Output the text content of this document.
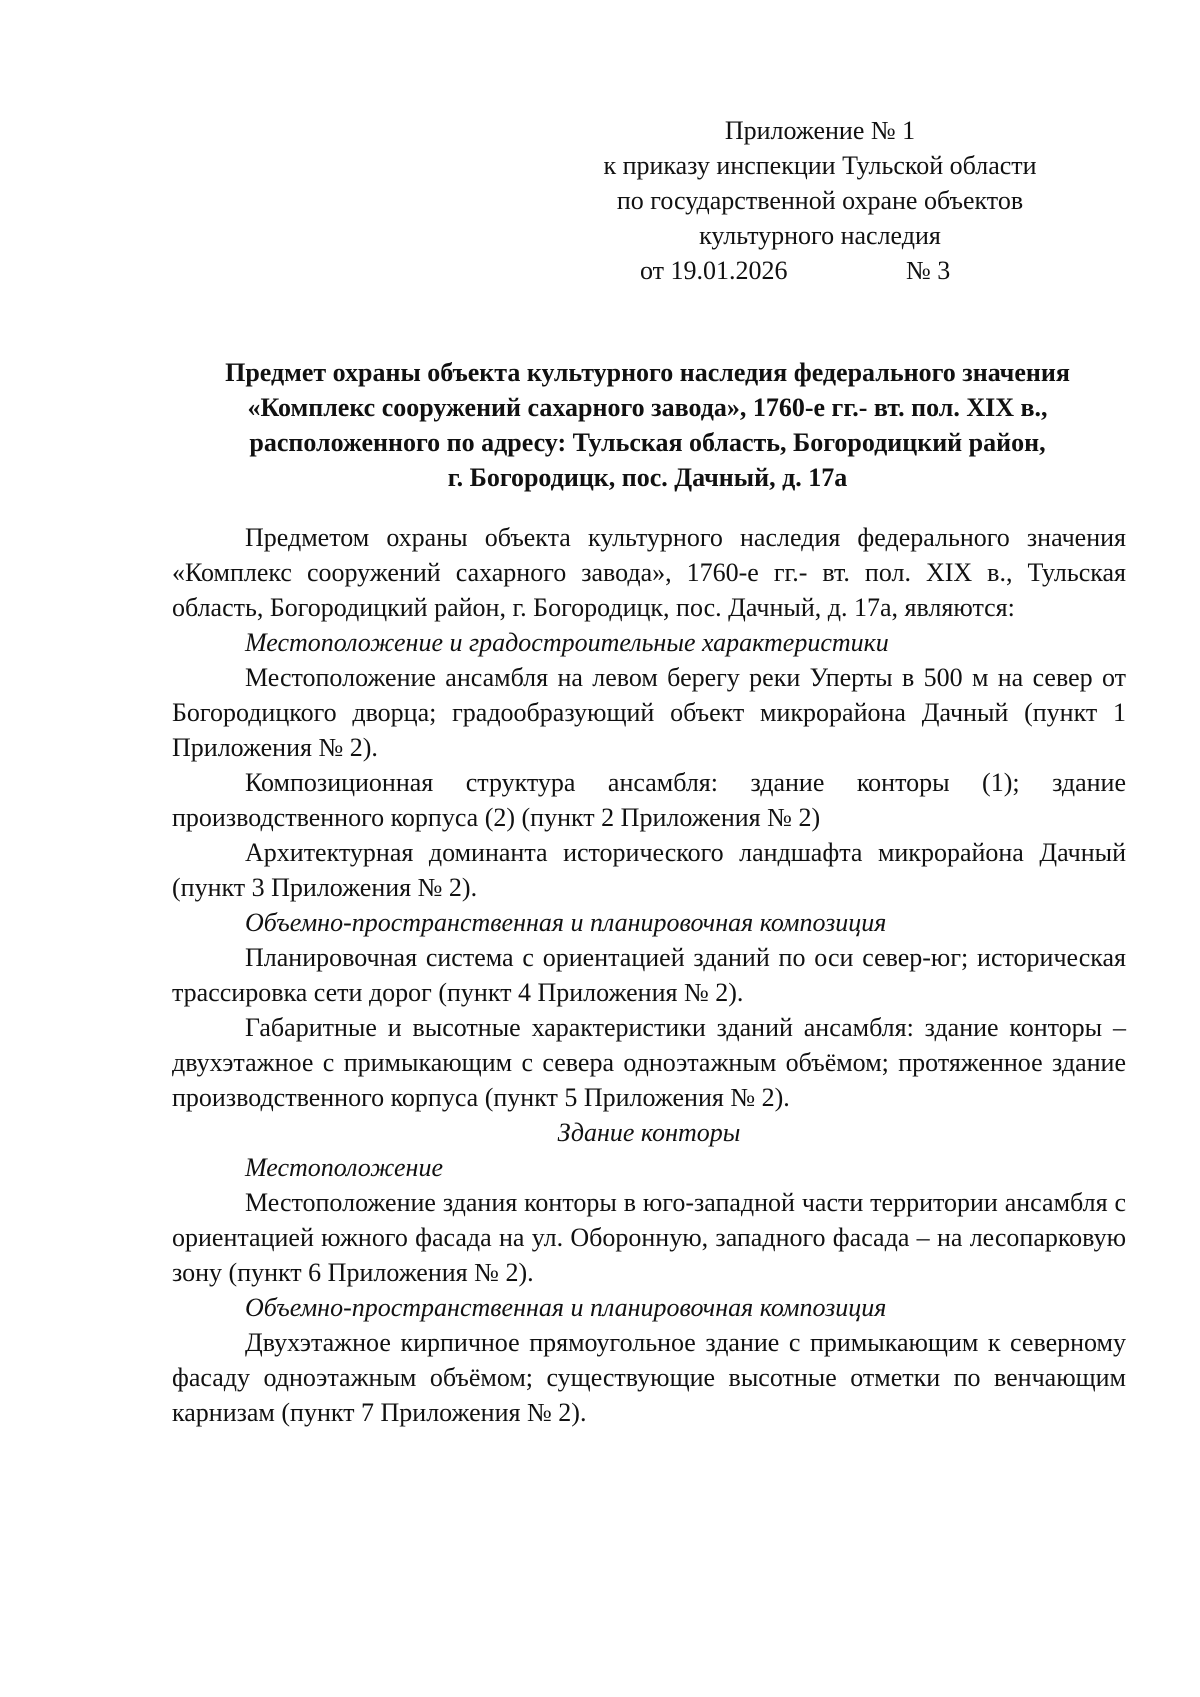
Приложение № 1
к приказу инспекции Тульской области
по государственной охране объектов
культурного наследия
от 19.01.2026	№ 3
Предмет охраны объекта культурного наследия федерального значения
«Комплекс сооружений сахарного завода», 1760-е гг.- вт. пол. XIX в.,
расположенного по адресу: Тульская область, Богородицкий район,
г. Богородицк, пос. Дачный, д. 17а

Предметом охраны объекта культурного наследия федерального значения «Комплекс сооружений сахарного завода», 1760-е гг.- вт. пол. XIX в., Тульская область, Богородицкий район, г. Богородицк, пос. Дачный, д. 17а, являются:

Местоположение и градостроительные характеристики

Местоположение ансамбля на левом берегу реки Уперты в 500 м на север от Богородицкого дворца; градообразующий объект микрорайона Дачный (пункт 1 Приложения № 2).

Композиционная структура ансамбля: здание конторы (1); здание производственного корпуса (2) (пункт 2 Приложения № 2)

Архитектурная доминанта исторического ландшафта микрорайона Дачный (пункт 3 Приложения № 2).

Объемно-пространственная и планировочная композиция

Планировочная система с ориентацией зданий по оси север-юг; историческая трассировка сети дорог (пункт 4 Приложения № 2).

Габаритные и высотные характеристики зданий ансамбля: здание конторы – двухэтажное с примыкающим с севера одноэтажным объёмом; протяженное здание производственного корпуса (пункт 5 Приложения № 2).

Здание конторы

Местоположение

Местоположение здания конторы в юго-западной части территории ансамбля с ориентацией южного фасада на ул. Оборонную, западного фасада – на лесопарковую зону (пункт 6 Приложения № 2).

Объемно-пространственная и планировочная композиция

Двухэтажное кирпичное прямоугольное здание с примыкающим к северному фасаду одноэтажным объёмом; существующие высотные отметки по венчающим карнизам (пункт 7 Приложения № 2).
